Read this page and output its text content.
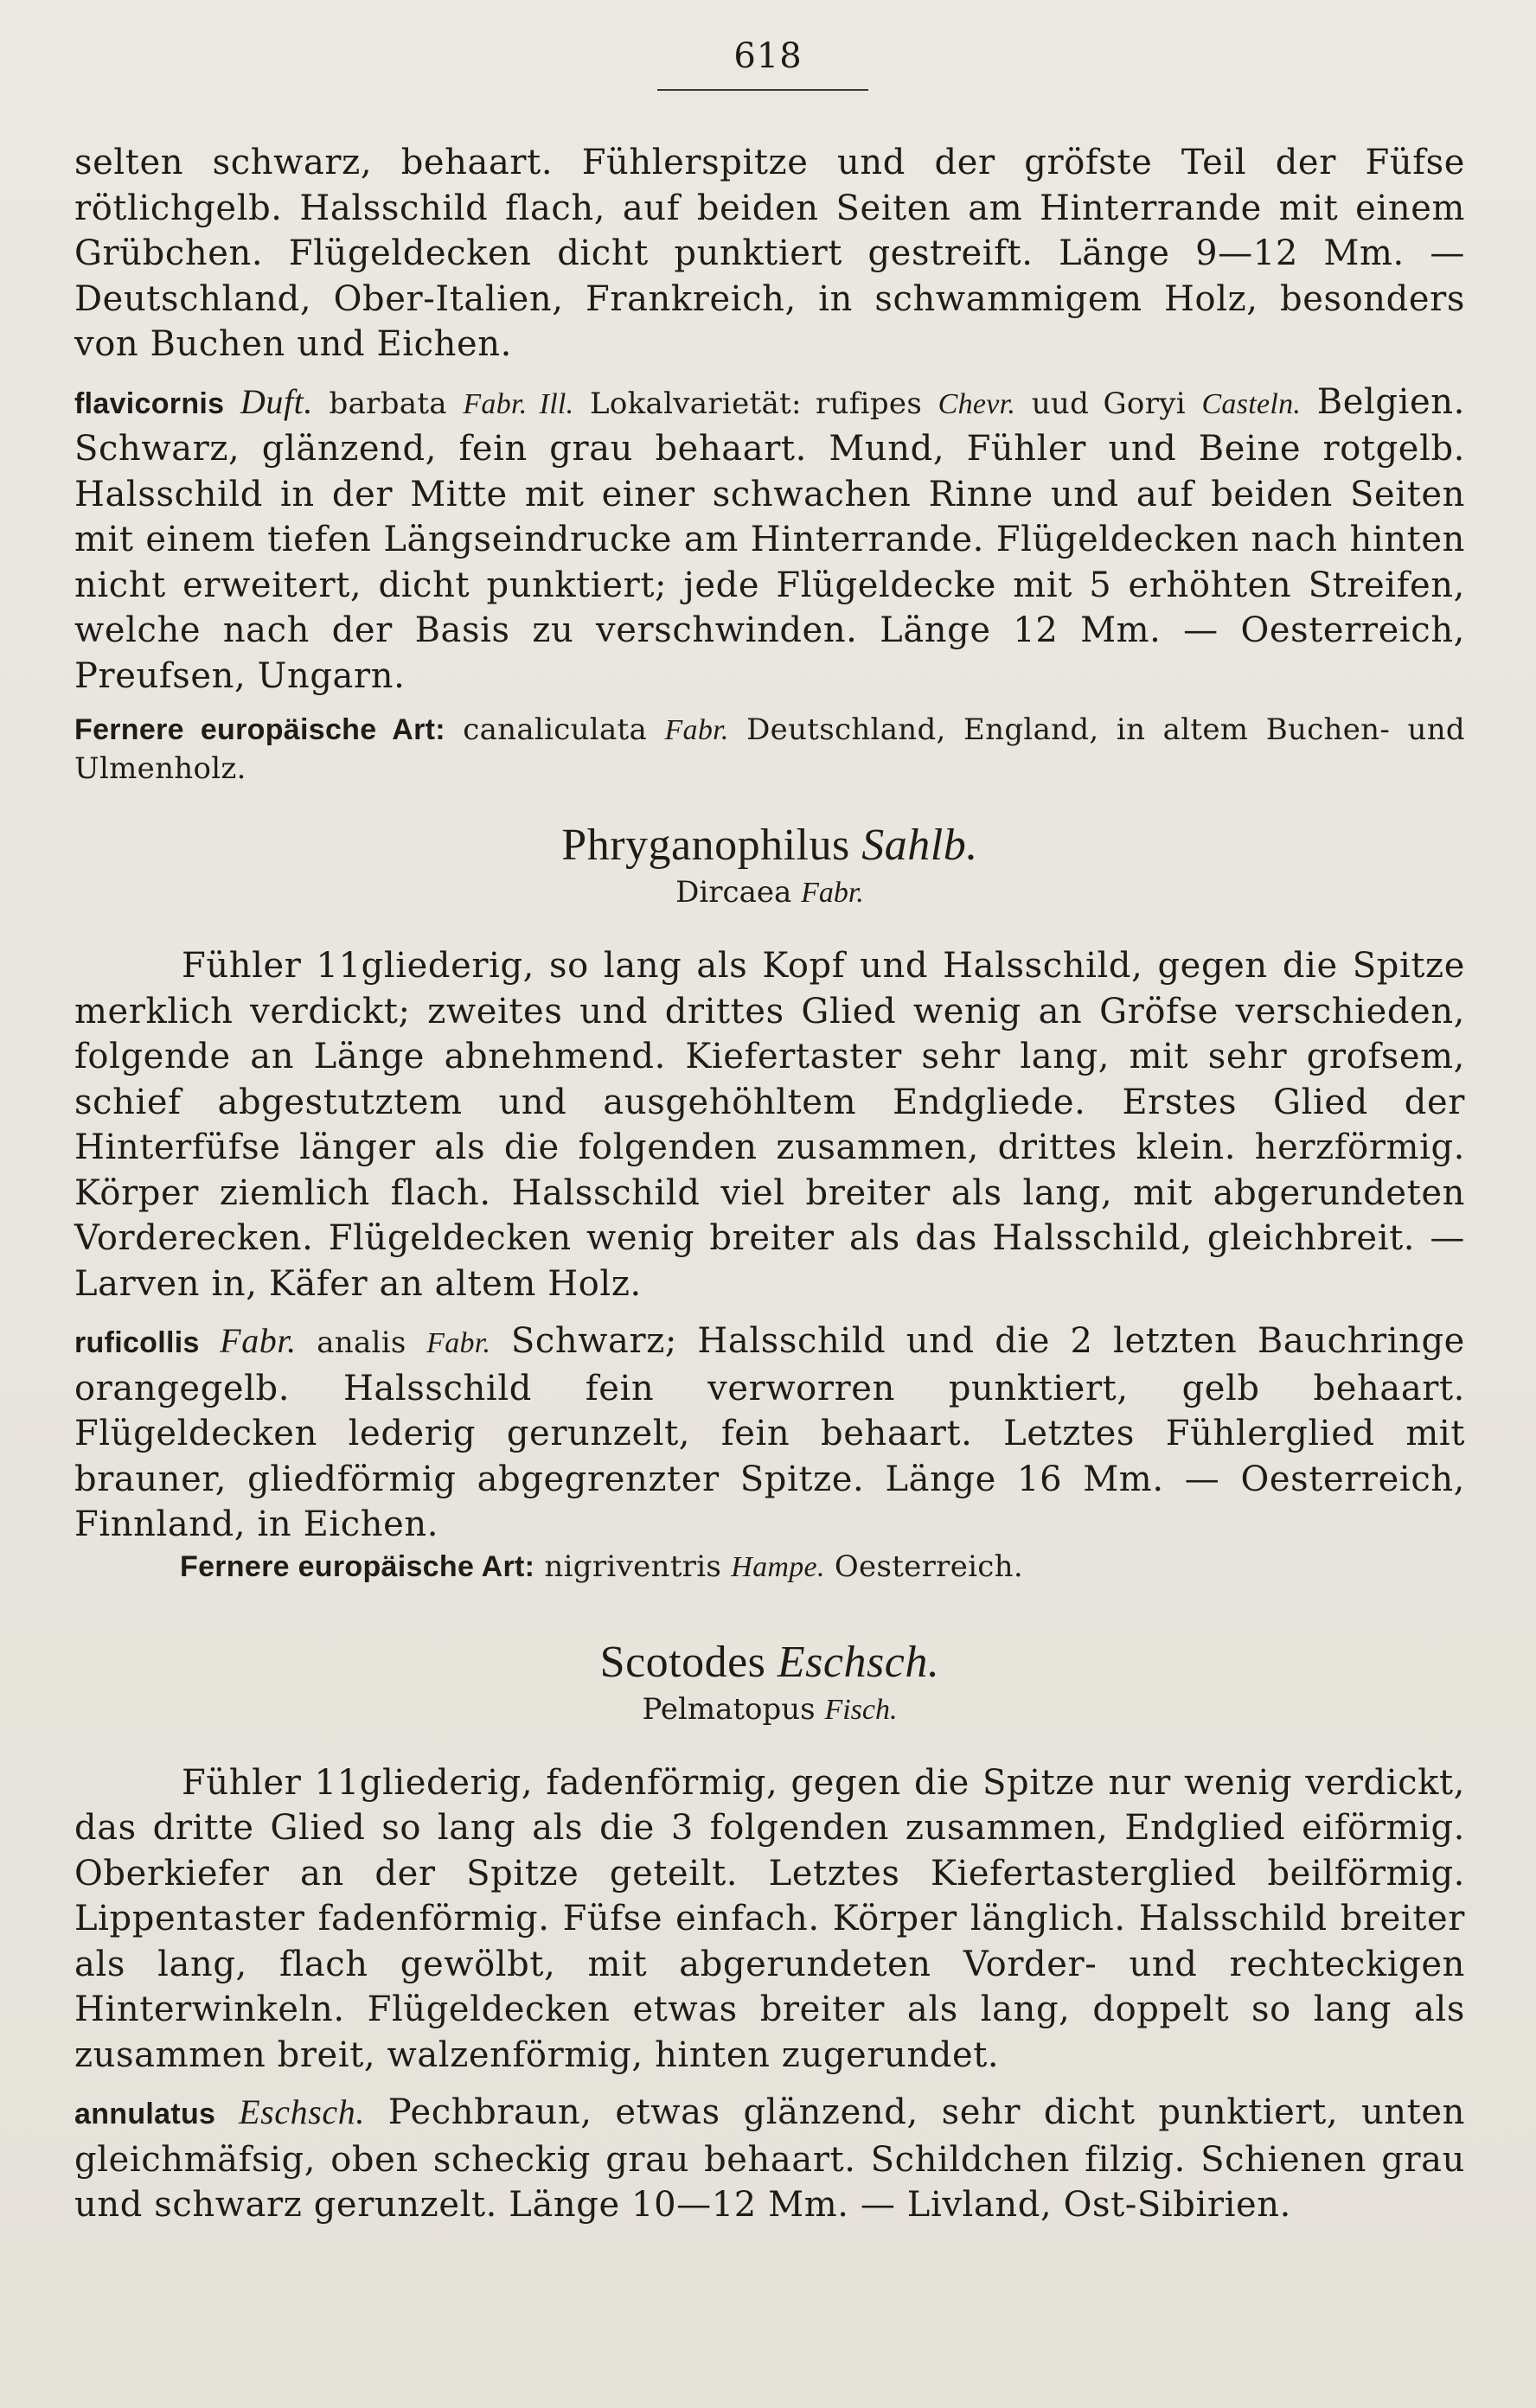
618

selten schwarz, behaart. Fühlerspitze und der gröfste Teil der Füfse rötlichgelb. Halsschild flach, auf beiden Seiten am Hinterrande mit einem Grübchen. Flügeldecken dicht punktiert gestreift. Länge 9—12 Mm. — Deutschland, Ober-Italien, Frankreich, in schwammigem Holz, besonders von Buchen und Eichen.

flavicornis Duft. barbata Fabr. Ill. Lokalvarietät: rufipes Chevr. uud Goryi Casteln. Belgien. Schwarz, glänzend, fein grau behaart. Mund, Fühler und Beine rotgelb. Halsschild in der Mitte mit einer schwachen Rinne und auf beiden Seiten mit einem tiefen Längseindrucke am Hinterrande. Flügeldecken nach hinten nicht erweitert, dicht punktiert; jede Flügeldecke mit 5 erhöhten Streifen, welche nach der Basis zu verschwinden. Länge 12 Mm. — Oesterreich, Preufsen, Ungarn.

Fernere europäische Art: canaliculata Fabr. Deutschland, England, in altem Buchen- und Ulmenholz.

Phryganophilus Sahlb.
Dircaea Fabr.

Fühler 11gliederig, so lang als Kopf und Halsschild, gegen die Spitze merklich verdickt; zweites und drittes Glied wenig an Gröfse verschieden, folgende an Länge abnehmend. Kiefertaster sehr lang, mit sehr grofsem, schief abgestutztem und ausgehöhltem Endgliede. Erstes Glied der Hinterfüfse länger als die folgenden zusammen, drittes klein. herzförmig. Körper ziemlich flach. Halsschild viel breiter als lang, mit abgerundeten Vorderecken. Flügeldecken wenig breiter als das Halsschild, gleichbreit. — Larven in, Käfer an altem Holz.

ruficollis Fabr. analis Fabr. Schwarz; Halsschild und die 2 letzten Bauchringe orangegelb. Halsschild fein verworren punktiert, gelb behaart. Flügeldecken lederig gerunzelt, fein behaart. Letztes Fühlerglied mit brauner, gliedförmig abgegrenzter Spitze. Länge 16 Mm. — Oesterreich, Finnland, in Eichen.

Fernere europäische Art: nigriventris Hampe. Oesterreich.

Scotodes Eschsch.
Pelmatopus Fisch.

Fühler 11gliederig, fadenförmig, gegen die Spitze nur wenig verdickt, das dritte Glied so lang als die 3 folgenden zusammen, Endglied eiförmig. Oberkiefer an der Spitze geteilt. Letztes Kiefertasterglied beilförmig. Lippentaster fadenförmig. Füfse einfach. Körper länglich. Halsschild breiter als lang, flach gewölbt, mit abgerundeten Vorder- und rechteckigen Hinterwinkeln. Flügeldecken etwas breiter als lang, doppelt so lang als zusammen breit, walzenförmig, hinten zugerundet.

annulatus Eschsch. Pechbraun, etwas glänzend, sehr dicht punktiert, unten gleichmäfsig, oben scheckig grau behaart. Schildchen filzig. Schienen grau und schwarz gerunzelt. Länge 10—12 Mm. — Livland, Ost-Sibirien.
